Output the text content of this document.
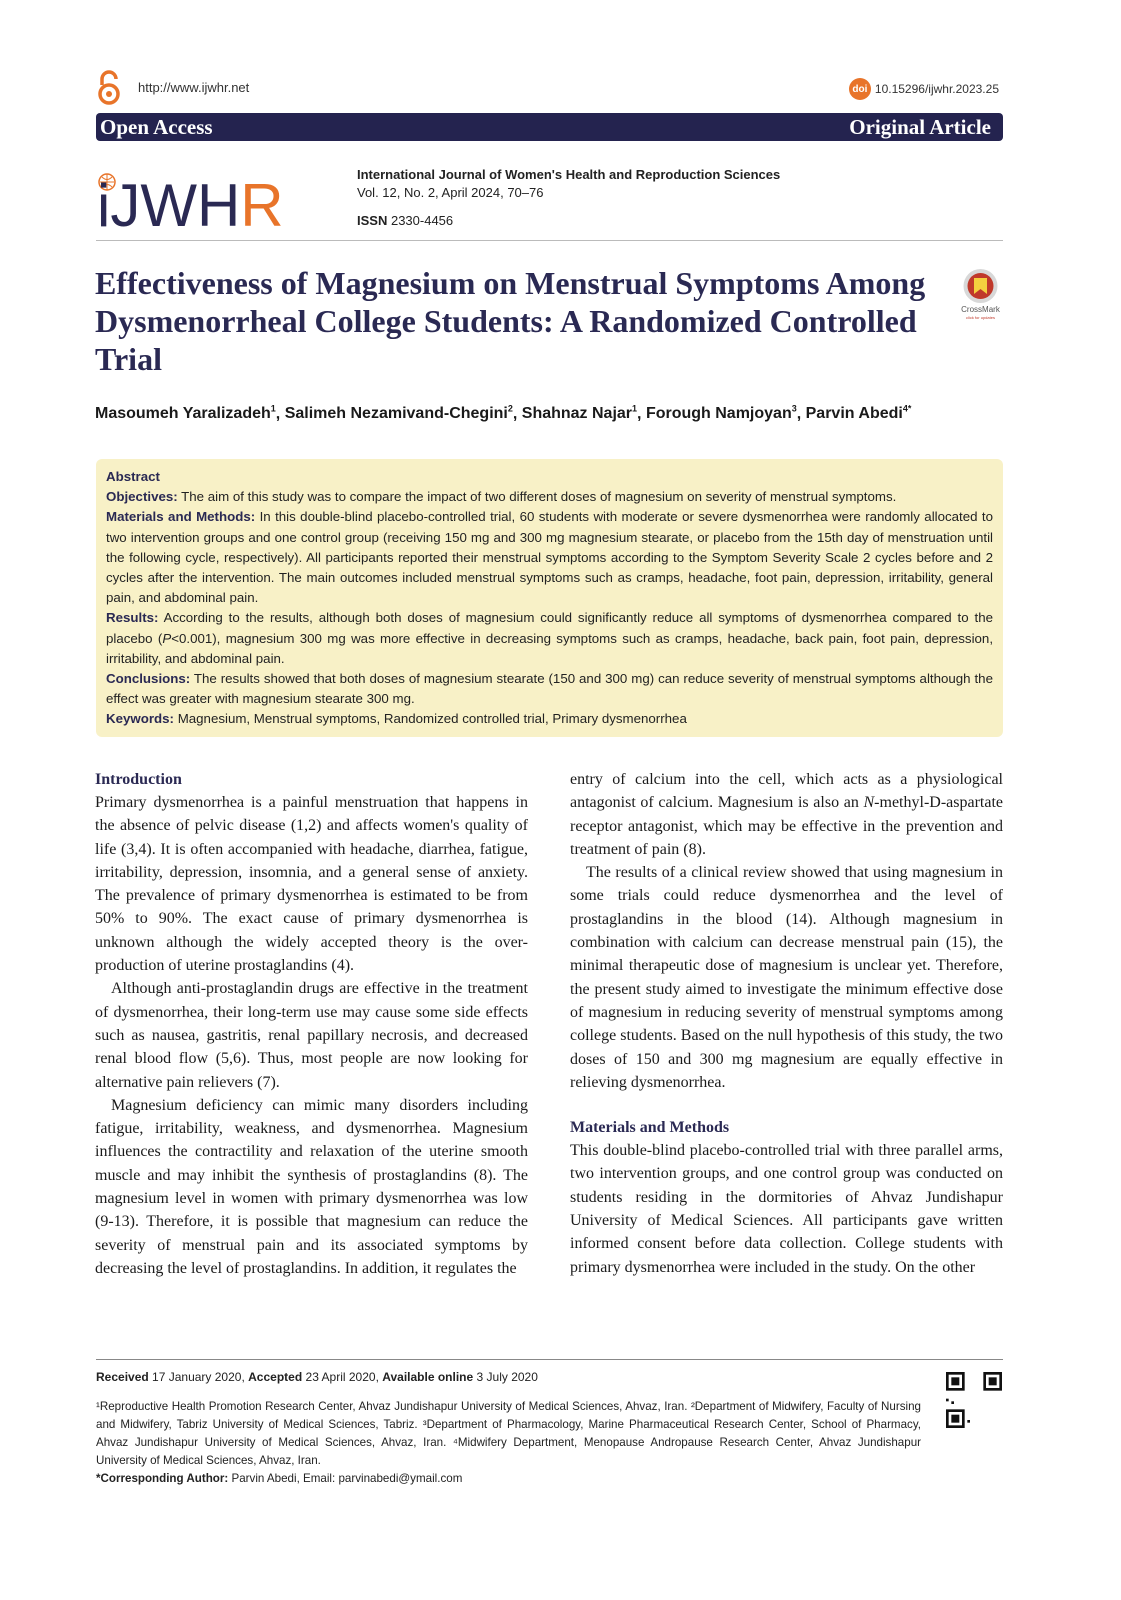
http://www.ijwhr.net	doi 10.15296/ijwhr.2023.25
Open Access	Original Article
iJWHR	International Journal of Women's Health and Reproduction Sciences
Vol. 12, No. 2, April 2024, 70–76
ISSN 2330-4456
Effectiveness of Magnesium on Menstrual Symptoms Among Dysmenorrheal College Students: A Randomized Controlled Trial
CrossMark
click for updates
Masoumeh Yaralizadeh$^1$, Salimeh Nezamivand-Chegini$^2$, Shahnaz Najar$^1$, Forough Namjoyan$^3$, Parvin Abedi$^{4*}$

Abstract

Objectives: The aim of this study was to compare the impact of two different doses of magnesium on severity of menstrual symptoms.

Materials and Methods: In this double-blind placebo-controlled trial, 60 students with moderate or severe dysmenorrhea were randomly allocated to two intervention groups and one control group (receiving 150 mg and 300 mg magnesium stearate, or placebo from the 15th day of menstruation until the following cycle, respectively). All participants reported their menstrual symptoms according to the Symptom Severity Scale 2 cycles before and 2 cycles after the intervention. The main outcomes included menstrual symptoms such as cramps, headache, foot pain, depression, irritability, general pain, and abdominal pain.

Results: According to the results, although both doses of magnesium could significantly reduce all symptoms of dysmenorrhea compared to the placebo (P<0.001), magnesium 300 mg was more effective in decreasing symptoms such as cramps, headache, back pain, foot pain, depression, irritability, and abdominal pain.

Conclusions: The results showed that both doses of magnesium stearate (150 and 300 mg) can reduce severity of menstrual symptoms although the effect was greater with magnesium stearate 300 mg.

Keywords: Magnesium, Menstrual symptoms, Randomized controlled trial, Primary dysmenorrhea

Introduction

Primary dysmenorrhea is a painful menstruation that happens in the absence of pelvic disease (1,2) and affects women's quality of life (3,4). It is often accompanied with headache, diarrhea, fatigue, irritability, depression, insomnia, and a general sense of anxiety. The prevalence of primary dysmenorrhea is estimated to be from 50% to 90%. The exact cause of primary dysmenorrhea is unknown although the widely accepted theory is the over-production of uterine prostaglandins (4).

Although anti-prostaglandin drugs are effective in the treatment of dysmenorrhea, their long-term use may cause some side effects such as nausea, gastritis, renal papillary necrosis, and decreased renal blood flow (5,6). Thus, most people are now looking for alternative pain relievers (7).

Magnesium deficiency can mimic many disorders including fatigue, irritability, weakness, and dysmenorrhea. Magnesium influences the contractility and relaxation of the uterine smooth muscle and may inhibit the synthesis of prostaglandins (8). The magnesium level in women with primary dysmenorrhea was low (9-13). Therefore, it is possible that magnesium can reduce the severity of menstrual pain and its associated symptoms by decreasing the level of prostaglandins. In addition, it regulates the

entry of calcium into the cell, which acts as a physiological antagonist of calcium. Magnesium is also an N-methyl-D-aspartate receptor antagonist, which may be effective in the prevention and treatment of pain (8).

The results of a clinical review showed that using magnesium in some trials could reduce dysmenorrhea and the level of prostaglandins in the blood (14). Although magnesium in combination with calcium can decrease menstrual pain (15), the minimal therapeutic dose of magnesium is unclear yet. Therefore, the present study aimed to investigate the minimum effective dose of magnesium in reducing severity of menstrual symptoms among college students. Based on the null hypothesis of this study, the two doses of 150 and 300 mg magnesium are equally effective in relieving dysmenorrhea.

Materials and Methods

This double-blind placebo-controlled trial with three parallel arms, two intervention groups, and one control group was conducted on students residing in the dormitories of Ahvaz Jundishapur University of Medical Sciences. All participants gave written informed consent before data collection. College students with primary dysmenorrhea were included in the study. On the other

Received 17 January 2020, Accepted 23 April 2020, Available online 3 July 2020
¹Reproductive Health Promotion Research Center, Ahvaz Jundishapur University of Medical Sciences, Ahvaz, Iran. ²Department of Midwifery, Faculty of Nursing and Midwifery, Tabriz University of Medical Sciences, Tabriz. ³Department of Pharmacology, Marine Pharmaceutical Research Center, School of Pharmacy, Ahvaz Jundishapur University of Medical Sciences, Ahvaz, Iran. ⁴Midwifery Department, Menopause Andropause Research Center, Ahvaz Jundishapur University of Medical Sciences, Ahvaz, Iran.
*Corresponding Author: Parvin Abedi, Email: parvinabedi@ymail.com
